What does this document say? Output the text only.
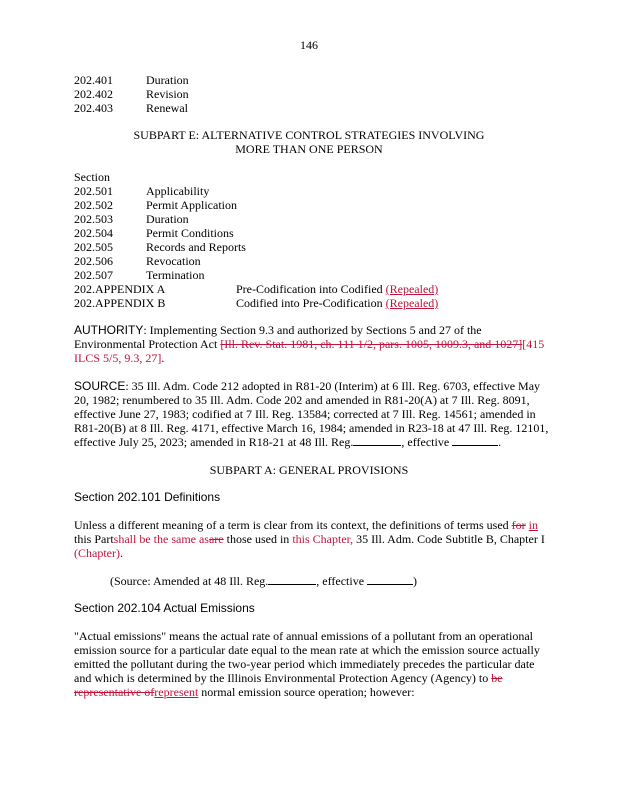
146
202.401	Duration
202.402	Revision
202.403	Renewal
SUBPART E: ALTERNATIVE CONTROL STRATEGIES INVOLVING
MORE THAN ONE PERSON
Section
202.501	Applicability
202.502	Permit Application
202.503	Duration
202.504	Permit Conditions
202.505	Records and Reports
202.506	Revocation
202.507	Termination
202.APPENDIX A	Pre-Codification into Codified (Repealed)
202.APPENDIX B	Codified into Pre-Codification (Repealed)
AUTHORITY: Implementing Section 9.3 and authorized by Sections 5 and 27 of the Environmental Protection Act [Ill. Rev. Stat. 1981, ch. 111 1/2, pars. 1005, 1009.3, and 1027][415 ILCS 5/5, 9.3, 27].
SOURCE: 35 Ill. Adm. Code 212 adopted in R81-20 (Interim) at 6 Ill. Reg. 6703, effective May 20, 1982; renumbered to 35 Ill. Adm. Code 202 and amended in R81-20(A) at 7 Ill. Reg. 8091, effective June 27, 1983; codified at 7 Ill. Reg. 13584; corrected at 7 Ill. Reg. 14561; amended in R81-20(B) at 8 Ill. Reg. 4171, effective March 16, 1984; amended in R23-18 at 47 Ill. Reg. 12101, effective July 25, 2023; amended in R18-21 at 48 Ill. Reg.	, effective	.
SUBPART A: GENERAL PROVISIONS
Section 202.101 Definitions
Unless a different meaning of a term is clear from its context, the definitions of terms used for in this Partshall be the same asare those used in this Chapter, 35 Ill. Adm. Code Subtitle B, Chapter I (Chapter).
(Source: Amended at 48 Ill. Reg.	, effective	)
Section 202.104 Actual Emissions
"Actual emissions" means the actual rate of annual emissions of a pollutant from an operational emission source for a particular date equal to the mean rate at which the emission source actually emitted the pollutant during the two-year period which immediately precedes the particular date and which is determined by the Illinois Environmental Protection Agency (Agency) to be representative ofrepresent normal emission source operation; however:
